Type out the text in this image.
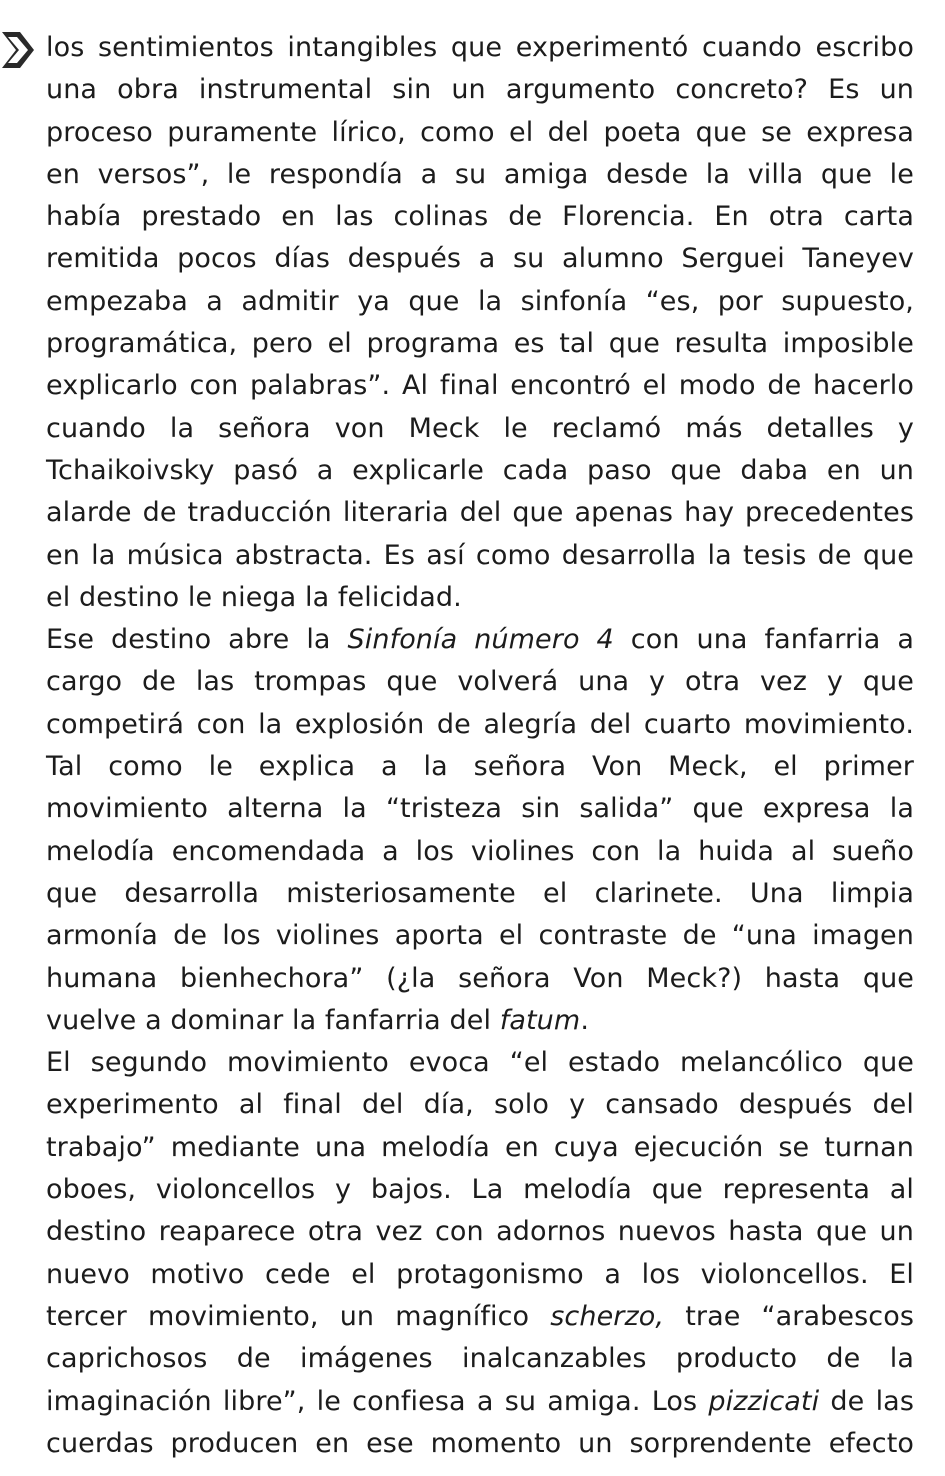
los sentimientos intangibles que experimentó cuando escribo
una obra instrumental sin un argumento concreto? Es un
proceso puramente lírico, como el del poeta que se expresa
en versos”, le respondía a su amiga desde la villa que le
había prestado en las colinas de Florencia. En otra carta
remitida pocos días después a su alumno Serguei Taneyev
empezaba a admitir ya que la sinfonía “es, por supuesto,
programática, pero el programa es tal que resulta imposible
explicarlo con palabras”. Al final encontró el modo de hacerlo
cuando la señora von Meck le reclamó más detalles y
Tchaikoivsky pasó a explicarle cada paso que daba en un
alarde de traducción literaria del que apenas hay precedentes
en la música abstracta. Es así como desarrolla la tesis de que
el destino le niega la felicidad.
Ese destino abre la Sinfonía número 4 con una fanfarria a
cargo de las trompas que volverá una y otra vez y que
competirá con la explosión de alegría del cuarto movimiento.
Tal como le explica a la señora Von Meck, el primer
movimiento alterna la “tristeza sin salida” que expresa la
melodía encomendada a los violines con la huida al sueño
que desarrolla misteriosamente el clarinete. Una limpia
armonía de los violines aporta el contraste de “una imagen
humana bienhechora” (¿la señora Von Meck?) hasta que
vuelve a dominar la fanfarria del fatum.
El segundo movimiento evoca “el estado melancólico que
experimento al final del día, solo y cansado después del
trabajo” mediante una melodía en cuya ejecución se turnan
oboes, violoncellos y bajos. La melodía que representa al
destino reaparece otra vez con adornos nuevos hasta que un
nuevo motivo cede el protagonismo a los violoncellos. El
tercer movimiento, un magnífico scherzo, trae “arabescos
caprichosos de imágenes inalcanzables producto de la
imaginación libre”, le confiesa a su amiga. Los pizzicati de las
cuerdas producen en ese momento un sorprendente efecto
